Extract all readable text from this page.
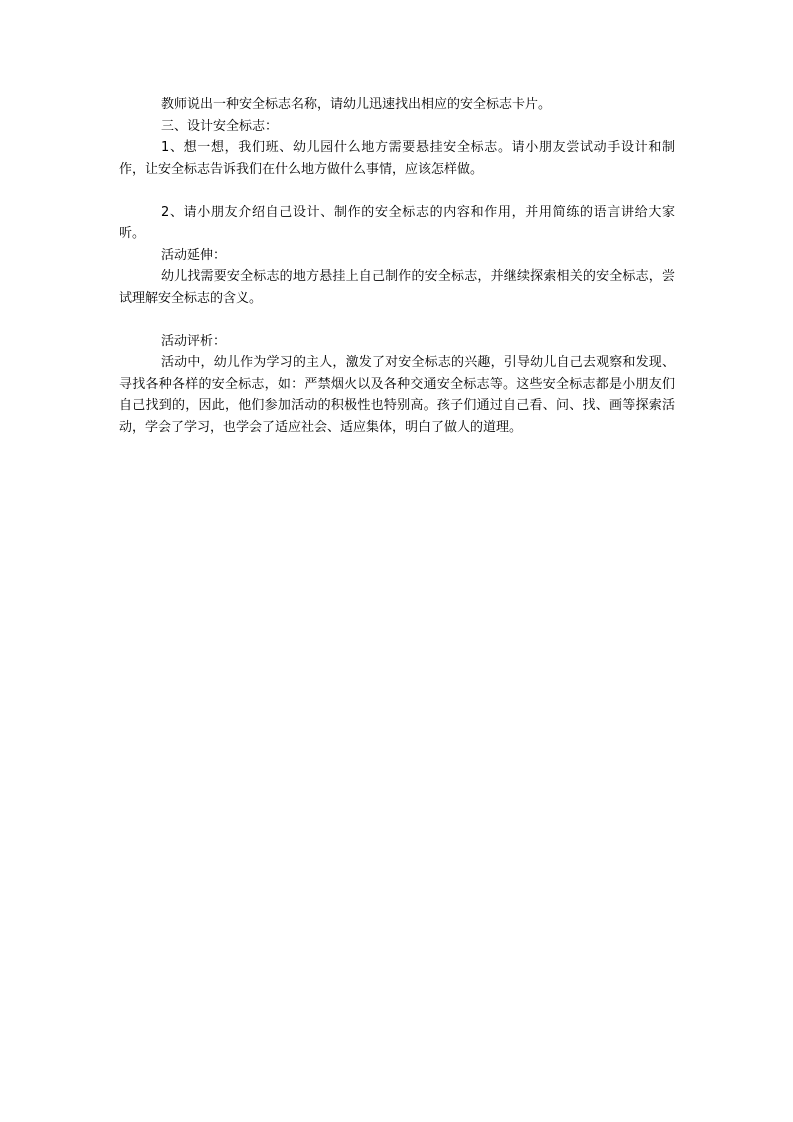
教师说出一种安全标志名称，请幼儿迅速找出相应的安全标志卡片。

三、设计安全标志：

1、想一想，我们班、幼儿园什么地方需要悬挂安全标志。请小朋友尝试动手设计和制作，让安全标志告诉我们在什么地方做什么事情，应该怎样做。

2、请小朋友介绍自己设计、制作的安全标志的内容和作用，并用简练的语言讲给大家听。

活动延伸：

幼儿找需要安全标志的地方悬挂上自己制作的安全标志，并继续探索相关的安全标志，尝试理解安全标志的含义。

活动评析：

活动中，幼儿作为学习的主人，激发了对安全标志的兴趣，引导幼儿自己去观察和发现、寻找各种各样的安全标志，如：严禁烟火以及各种交通安全标志等。这些安全标志都是小朋友们自己找到的，因此，他们参加活动的积极性也特别高。孩子们通过自己看、问、找、画等探索活动，学会了学习，也学会了适应社会、适应集体，明白了做人的道理。
